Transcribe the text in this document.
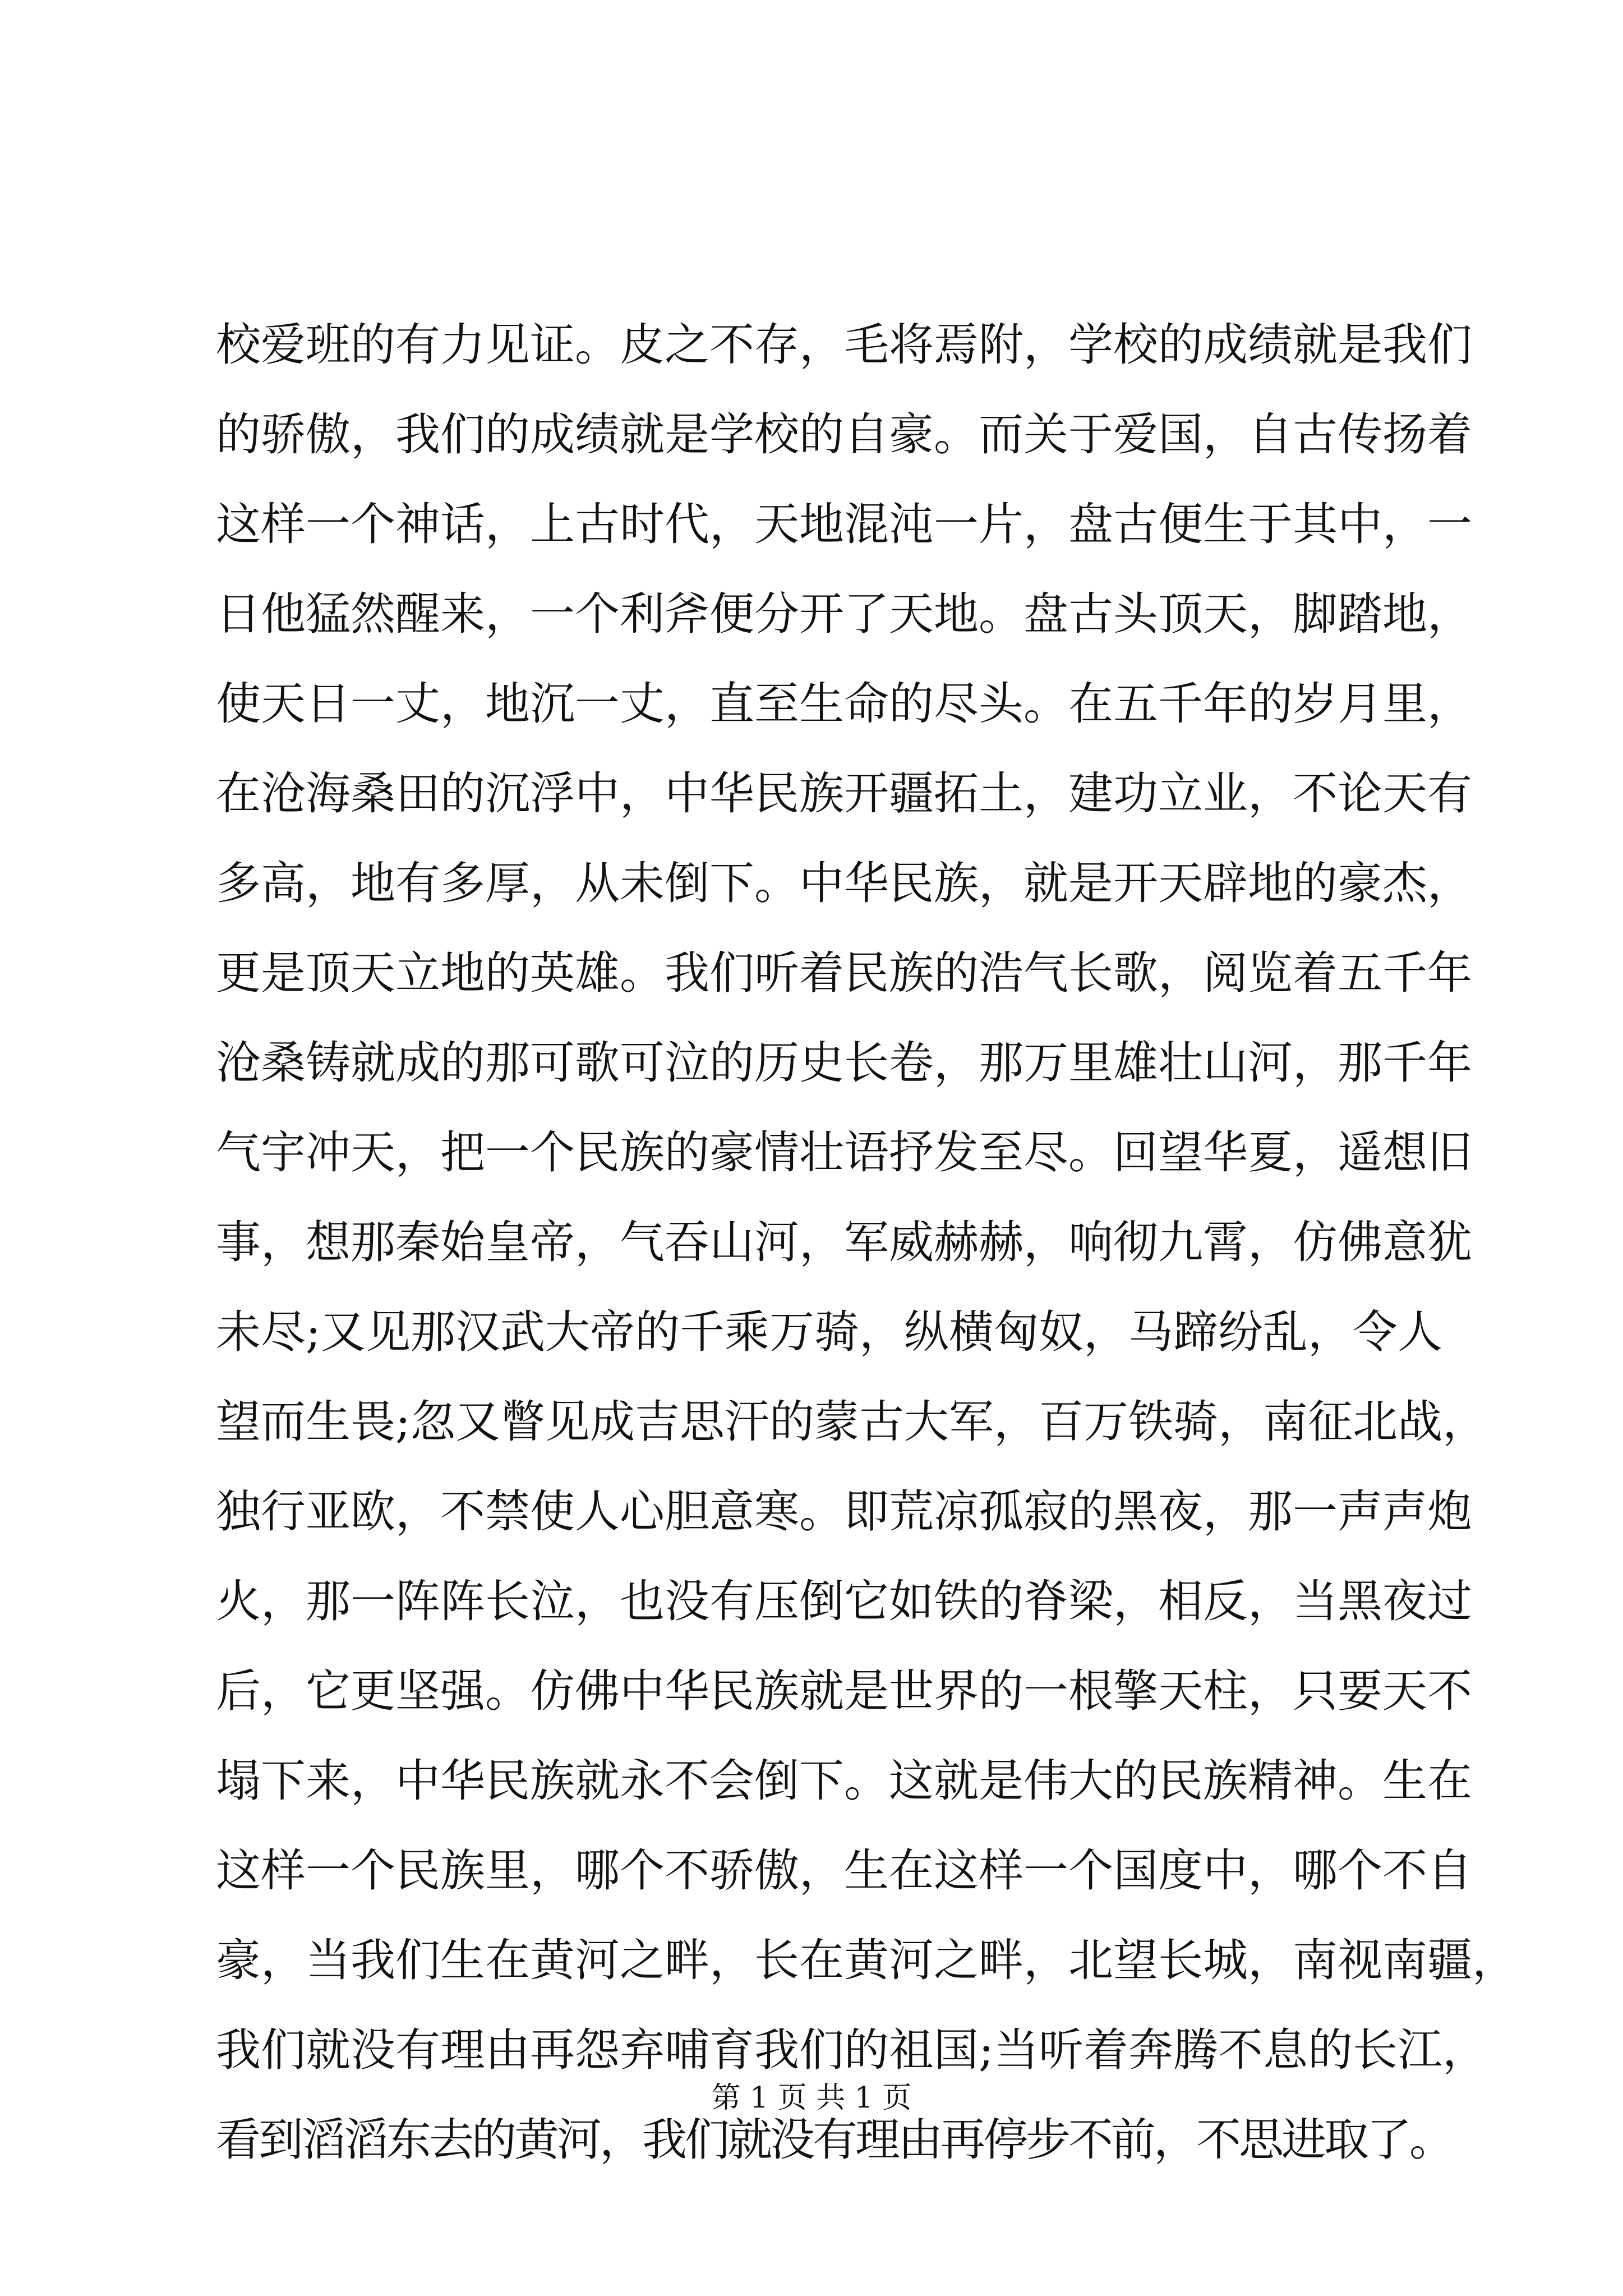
校爱班的有力见证。皮之不存，毛将焉附，学校的成绩就是我们
的骄傲，我们的成绩就是学校的自豪。而关于爱国，自古传扬着
这样一个神话，上古时代，天地混沌一片，盘古便生于其中，一
日他猛然醒来，一个利斧便分开了天地。盘古头顶天，脚踏地，
使天日一丈，地沉一丈，直至生命的尽头。在五千年的岁月里，
在沧海桑田的沉浮中，中华民族开疆拓土，建功立业，不论天有
多高，地有多厚，从未倒下。中华民族，就是开天辟地的豪杰，
更是顶天立地的英雄。我们听着民族的浩气长歌，阅览着五千年
沧桑铸就成的那可歌可泣的历史长卷，那万里雄壮山河，那千年
气宇冲天，把一个民族的豪情壮语抒发至尽。回望华夏，遥想旧
事，想那秦始皇帝，气吞山河，军威赫赫，响彻九霄，仿佛意犹
未尽;又见那汉武大帝的千乘万骑，纵横匈奴，马蹄纷乱，令人
望而生畏;忽又瞥见成吉思汗的蒙古大军，百万铁骑，南征北战，
独行亚欧，不禁使人心胆意寒。即荒凉孤寂的黑夜，那一声声炮
火，那一阵阵长泣，也没有压倒它如铁的脊梁，相反，当黑夜过
后，它更坚强。仿佛中华民族就是世界的一根擎天柱，只要天不
塌下来，中华民族就永不会倒下。这就是伟大的民族精神。生在
这样一个民族里，哪个不骄傲，生在这样一个国度中，哪个不自
豪，当我们生在黄河之畔，长在黄河之畔，北望长城，南视南疆，
我们就没有理由再怨弃哺育我们的祖国;当听着奔腾不息的长江，
看到滔滔东去的黄河，我们就没有理由再停步不前，不思进取了。
第 1 页 共 1 页
